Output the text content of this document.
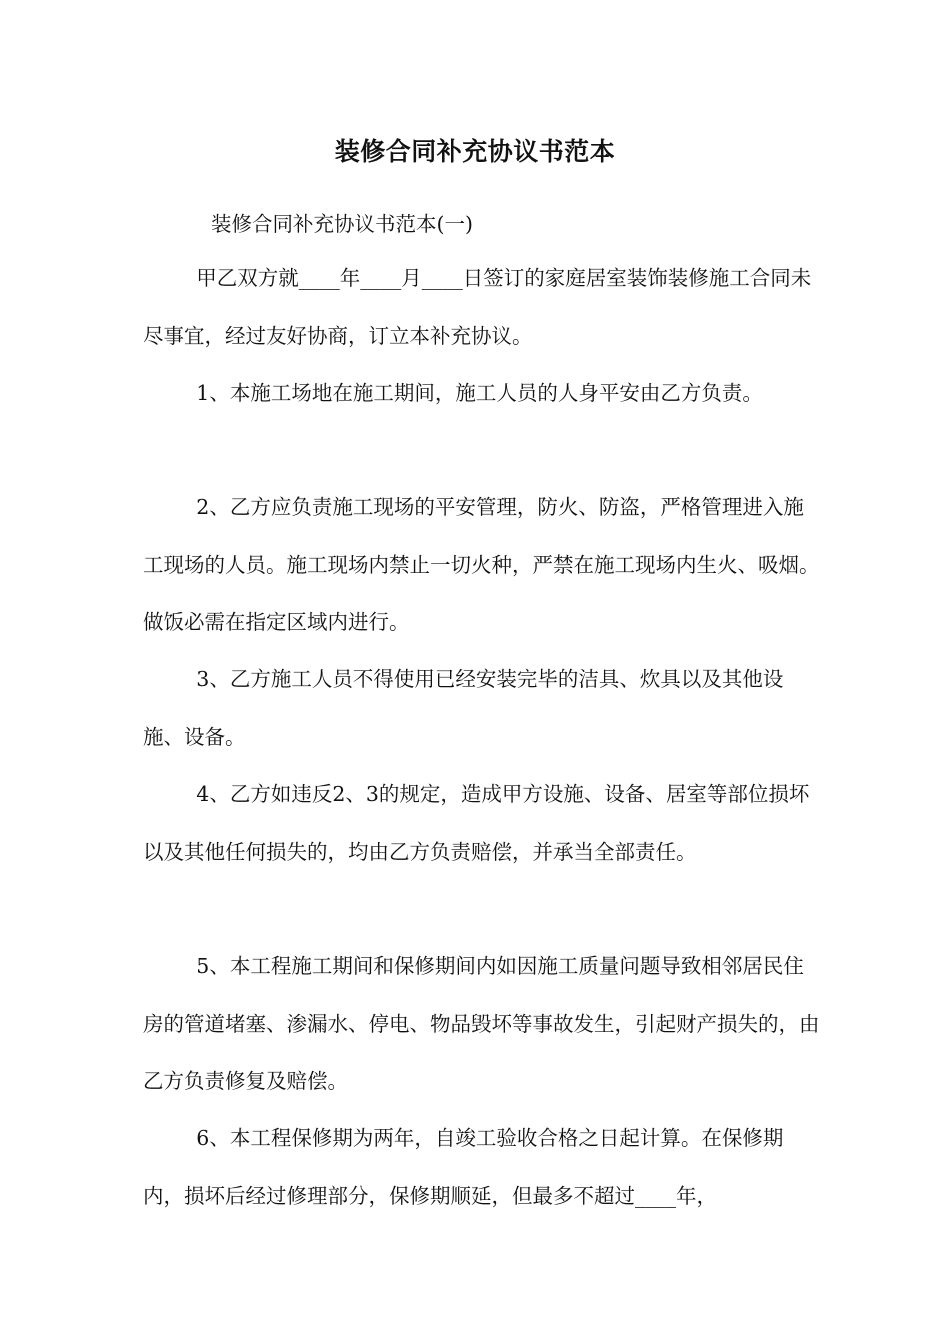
装修合同补充协议书范本
装修合同补充协议书范本(一)

甲乙双方就____年____月____日签订的家庭居室装饰装修施工合同未尽事宜，经过友好协商，订立本补充协议。

1、本施工场地在施工期间，施工人员的人身平安由乙方负责。

2、乙方应负责施工现场的平安管理，防火、防盗，严格管理进入施工现场的人员。施工现场内禁止一切火种，严禁在施工现场内生火、吸烟。做饭必需在指定区域内进行。

3、乙方施工人员不得使用已经安装完毕的洁具、炊具以及其他设施、设备。

4、乙方如违反2、3的规定，造成甲方设施、设备、居室等部位损坏以及其他任何损失的，均由乙方负责赔偿，并承当全部责任。

5、本工程施工期间和保修期间内如因施工质量问题导致相邻居民住房的管道堵塞、渗漏水、停电、物品毁坏等事故发生，引起财产损失的，由乙方负责修复及赔偿。

6、本工程保修期为两年，自竣工验收合格之日起计算。在保修期内，损坏后经过修理部分，保修期顺延，但最多不超过____年，
